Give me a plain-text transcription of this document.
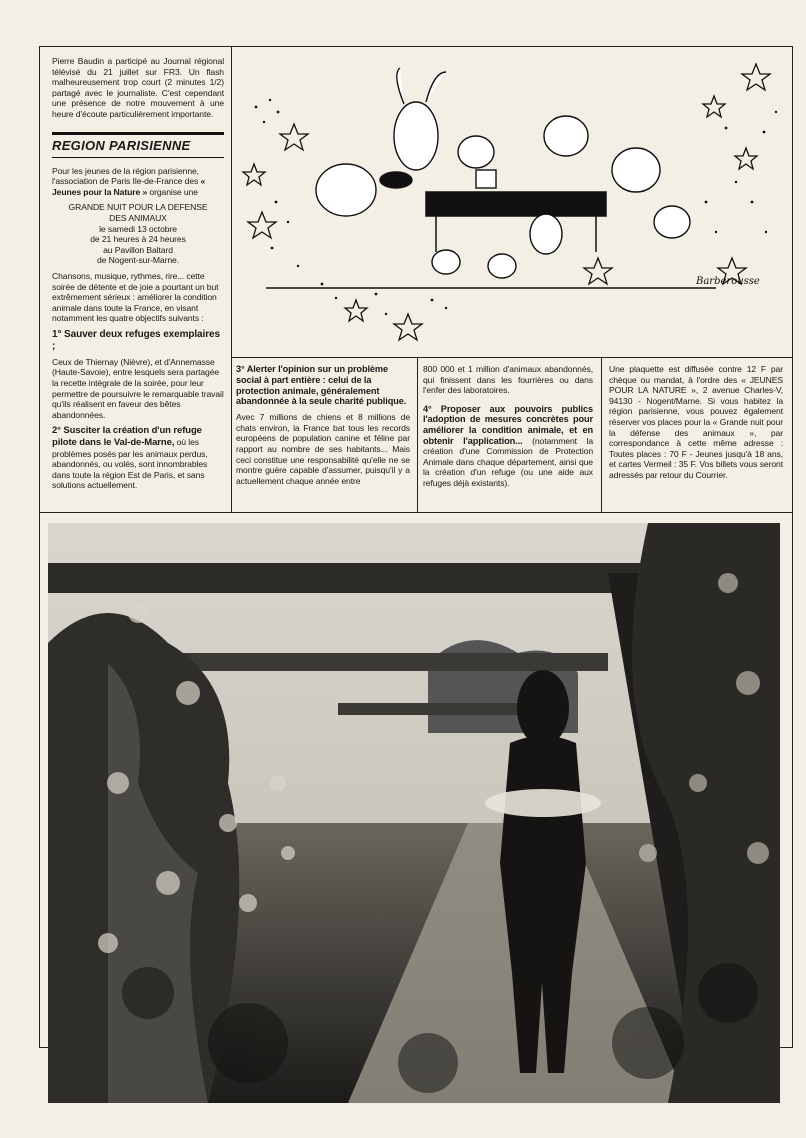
Pierre Baudin a participé au Journal régional télévisé du 21 juillet sur FR3. Un flash malheureusement trop court (2 minutes 1/2) partagé avec le journaliste. C'est cependant une présence de notre mouvement à une heure d'écoute particulièrement importante.

REGION PARISIENNE

Pour les jeunes de la région parisienne, l'association de Paris Ile-de-France des « Jeunes pour la Nature » organise une

GRANDE NUIT POUR LA DEFENSE
DES ANIMAUX
le samedi 13 octobre
de 21 heures à 24 heures
au Pavillon Baltard
de Nogent-sur-Marne.

Chansons, musique, rythmes, rire... cette soirée de détente et de joie a pourtant un but extrêmement sérieux : améliorer la condition animale dans toute la France, en visant notamment les quatre objectifs suivants :

1° Sauver deux refuges exemplaires ;

Ceux de Thiernay (Nièvre), et d'Annemasse (Haute-Savoie), entre lesquels sera partagée la recette intégrale de la soirée, pour leur permettre de poursuivre le remarquable travail qu'ils réalisent en faveur des bêtes abandonnées.

2° Susciter la création d'un refuge pilote dans le Val-de-Marne, où les problèmes posés par les animaux perdus, abandonnés, ou volés, sont innombrables dans toute la région Est de Paris, et sans solutions actuellement.

Barberousse

3° Alerter l'opinion sur un problème social à part entière : celui de la protection animale, généralement abandonnée à la seule charité publique.

Avec 7 millions de chiens et 8 millions de chats environ, la France bat tous les records européens de population canine et féline par rapport au nombre de ses habitants... Mais ceci constitue une responsabilité qu'elle ne se montre guère capable d'assumer, puisqu'il y a actuellement chaque année entre

800 000 et 1 million d'animaux abandonnés, qui finissent dans les fourrières ou dans l'enfer des laboratoires.

4° Proposer aux pouvoirs publics l'adoption de mesures concrètes pour améliorer la condition animale, et en obtenir l'application... (notamment la création d'une Commission de Protection Animale dans chaque département, ainsi que la création d'un refuge (ou une aide aux refuges déjà existants).

Une plaquette est diffusée contre 12 F par chèque ou mandat, à l'ordre des « JEUNES POUR LA NATURE », 2 avenue Charles-V, 94130 - Nogent/Marne. Si vous habitez la région parisienne, vous pouvez également réserver vos places pour la « Grande nuit pour la défense des animaux », par correspondance à cette même adresse : Toutes places : 70 F - Jeunes jusqu'à 18 ans, et cartes Vermeil : 35 F. Vos billets vous seront adressés par retour du Courrier.
